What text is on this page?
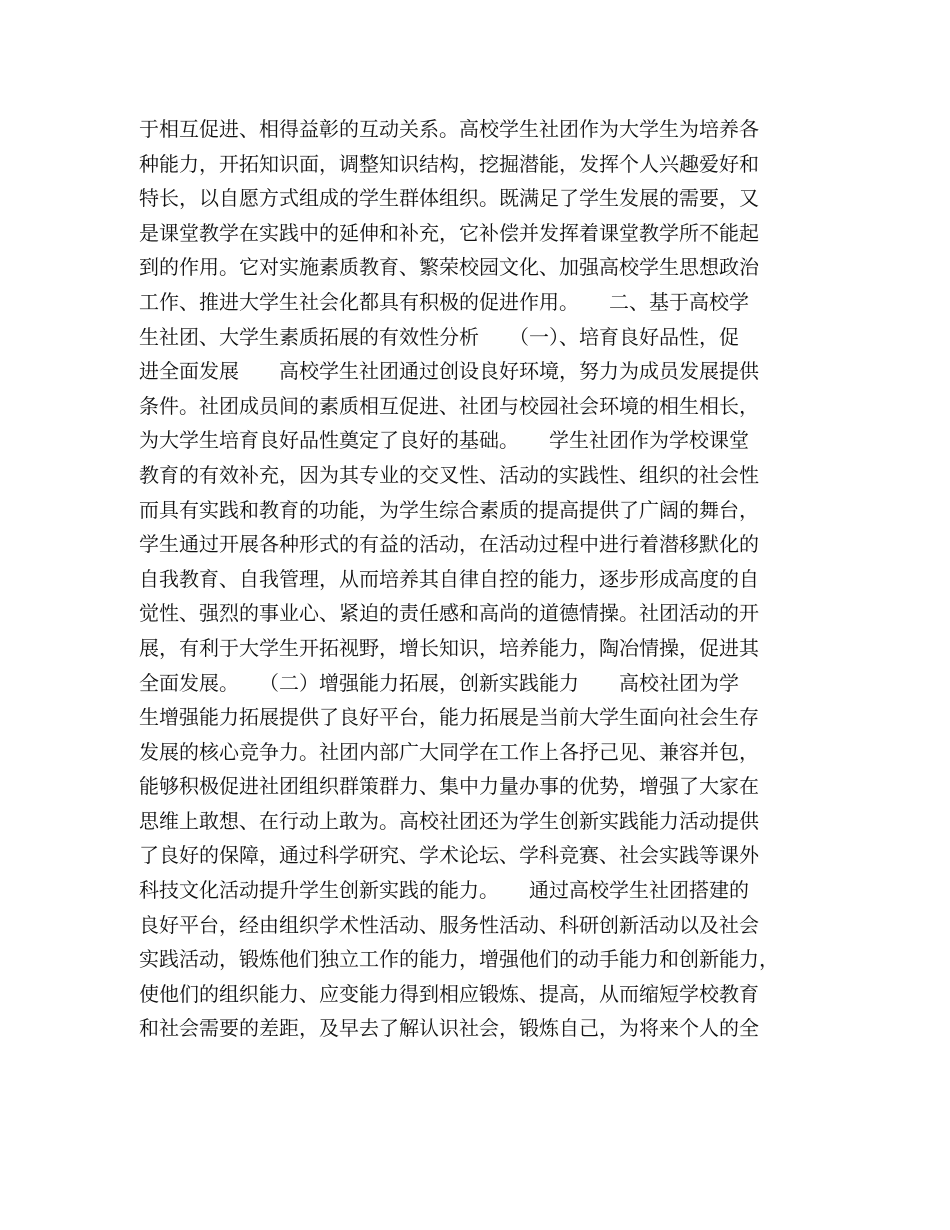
于相互促进、相得益彰的互动关系。高校学生社团作为大学生为培养各
种能力，开拓知识面，调整知识结构，挖掘潜能，发挥个人兴趣爱好和
特长，以自愿方式组成的学生群体组织。既满足了学生发展的需要，又
是课堂教学在实践中的延伸和补充，它补偿并发挥着课堂教学所不能起
到的作用。它对实施素质教育、繁荣校园文化、加强高校学生思想政治
工作、推进大学生社会化都具有积极的促进作用。　　二、基于高校学
生社团、大学生素质拓展的有效性分析　　（一）、培育良好品性，促
进全面发展　　高校学生社团通过创设良好环境，努力为成员发展提供
条件。社团成员间的素质相互促进、社团与校园社会环境的相生相长，
为大学生培育良好品性奠定了良好的基础。　　学生社团作为学校课堂
教育的有效补充，因为其专业的交叉性、活动的实践性、组织的社会性
而具有实践和教育的功能，为学生综合素质的提高提供了广阔的舞台，
学生通过开展各种形式的有益的活动，在活动过程中进行着潜移默化的
自我教育、自我管理，从而培养其自律自控的能力，逐步形成高度的自
觉性、强烈的事业心、紧迫的责任感和高尚的道德情操。社团活动的开
展，有利于大学生开拓视野，增长知识，培养能力，陶冶情操，促进其
全面发展。　　（二）增强能力拓展，创新实践能力　　高校社团为学
生增强能力拓展提供了良好平台，能力拓展是当前大学生面向社会生存
发展的核心竞争力。社团内部广大同学在工作上各抒己见、兼容并包，
能够积极促进社团组织群策群力、集中力量办事的优势，增强了大家在
思维上敢想、在行动上敢为。高校社团还为学生创新实践能力活动提供
了良好的保障，通过科学研究、学术论坛、学科竞赛、社会实践等课外
科技文化活动提升学生创新实践的能力。　　通过高校学生社团搭建的
良好平台，经由组织学术性活动、服务性活动、科研创新活动以及社会
实践活动，锻炼他们独立工作的能力，增强他们的动手能力和创新能力，
使他们的组织能力、应变能力得到相应锻炼、提高，从而缩短学校教育
和社会需要的差距，及早去了解认识社会，锻炼自己，为将来个人的全
